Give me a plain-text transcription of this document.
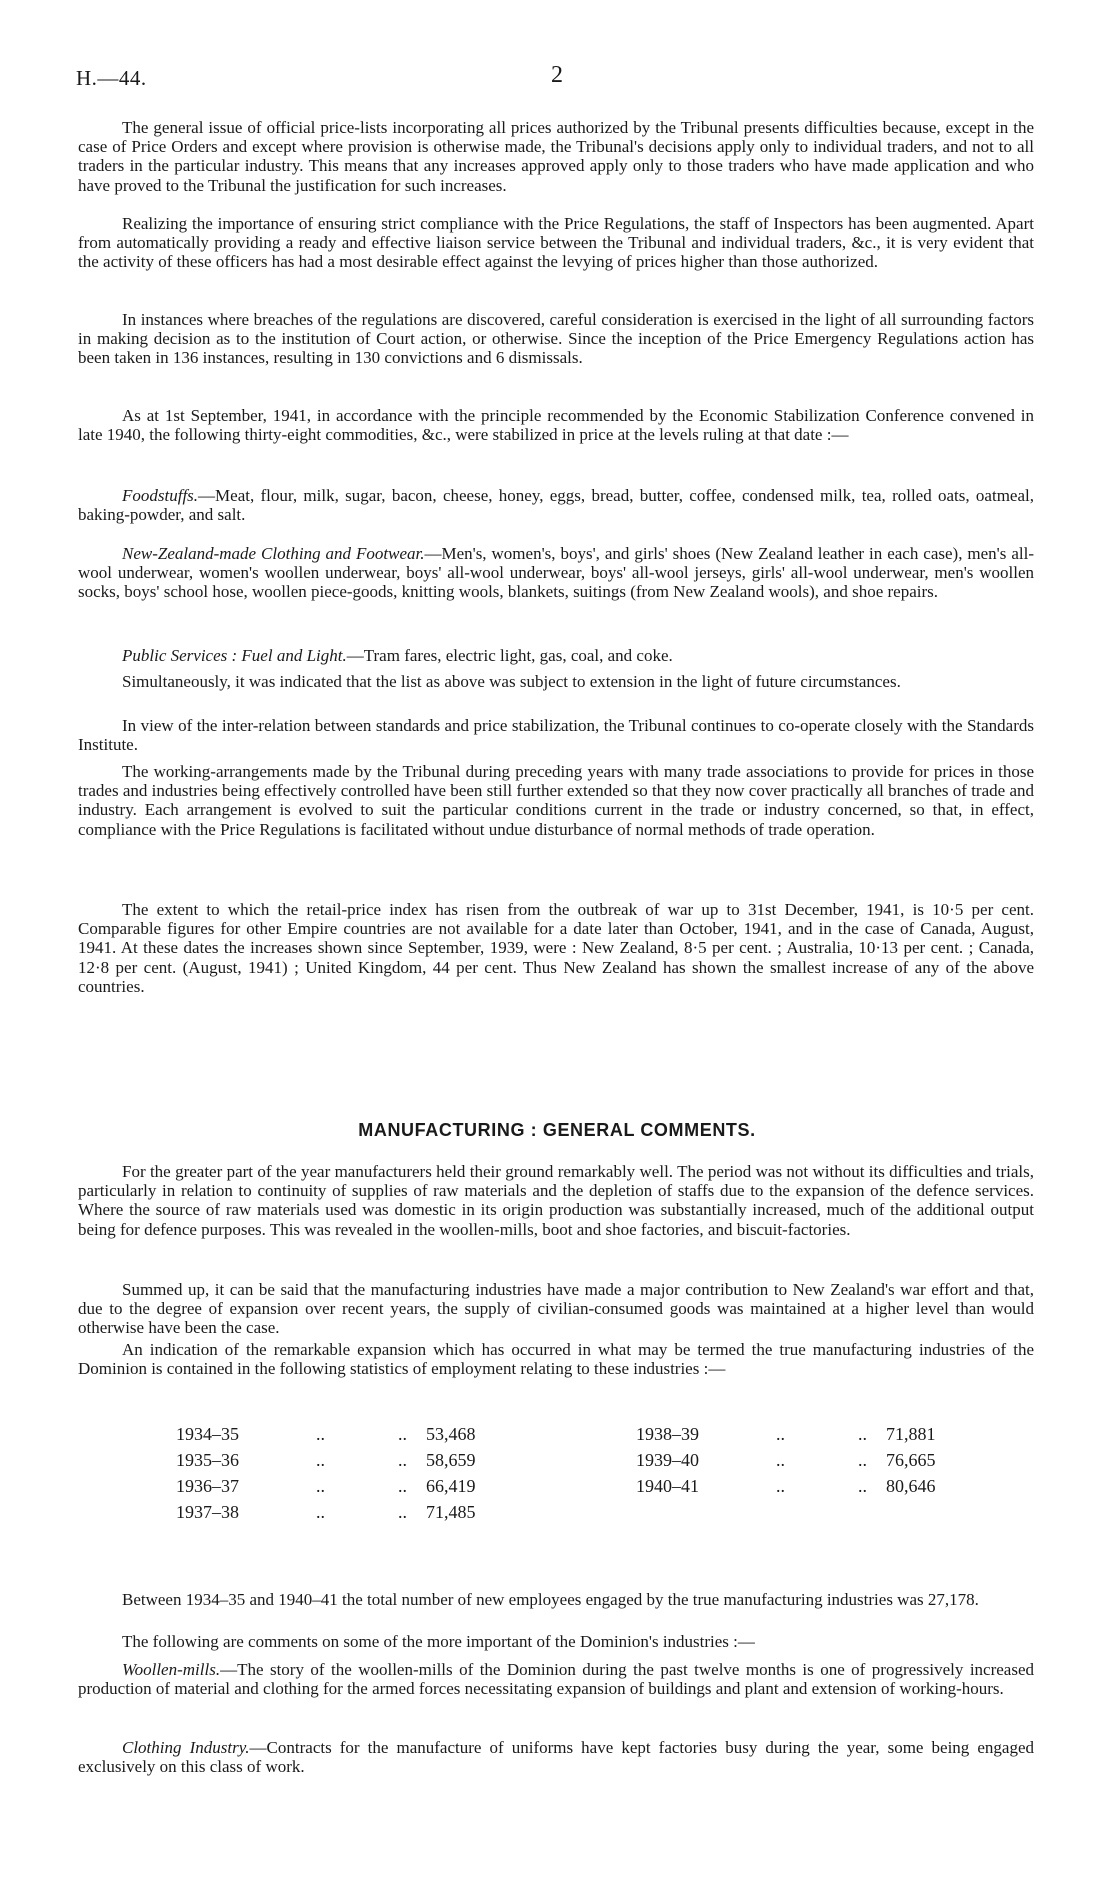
H.—44.	2

The general issue of official price-lists incorporating all prices authorized by the Tribunal presents difficulties because, except in the case of Price Orders and except where provision is otherwise made, the Tribunal's decisions apply only to individual traders, and not to all traders in the particular industry. This means that any increases approved apply only to those traders who have made application and who have proved to the Tribunal the justification for such increases.

Realizing the importance of ensuring strict compliance with the Price Regulations, the staff of Inspectors has been augmented. Apart from automatically providing a ready and effective liaison service between the Tribunal and individual traders, &c., it is very evident that the activity of these officers has had a most desirable effect against the levying of prices higher than those authorized.

In instances where breaches of the regulations are discovered, careful consideration is exercised in the light of all surrounding factors in making decision as to the institution of Court action, or otherwise. Since the inception of the Price Emergency Regulations action has been taken in 136 instances, resulting in 130 convictions and 6 dismissals.

As at 1st September, 1941, in accordance with the principle recommended by the Economic Stabilization Conference convened in late 1940, the following thirty-eight commodities, &c., were stabilized in price at the levels ruling at that date :—

Foodstuffs.—Meat, flour, milk, sugar, bacon, cheese, honey, eggs, bread, butter, coffee, condensed milk, tea, rolled oats, oatmeal, baking-powder, and salt.

New-Zealand-made Clothing and Footwear.—Men's, women's, boys', and girls' shoes (New Zealand leather in each case), men's all-wool underwear, women's woollen underwear, boys' all-wool underwear, boys' all-wool jerseys, girls' all-wool underwear, men's woollen socks, boys' school hose, woollen piece-goods, knitting wools, blankets, suitings (from New Zealand wools), and shoe repairs.

Public Services : Fuel and Light.—Tram fares, electric light, gas, coal, and coke.

Simultaneously, it was indicated that the list as above was subject to extension in the light of future circumstances.

In view of the inter-relation between standards and price stabilization, the Tribunal continues to co-operate closely with the Standards Institute.

The working-arrangements made by the Tribunal during preceding years with many trade associations to provide for prices in those trades and industries being effectively controlled have been still further extended so that they now cover practically all branches of trade and industry. Each arrangement is evolved to suit the particular conditions current in the trade or industry concerned, so that, in effect, compliance with the Price Regulations is facilitated without undue disturbance of normal methods of trade operation.

The extent to which the retail-price index has risen from the outbreak of war up to 31st December, 1941, is 10·5 per cent. Comparable figures for other Empire countries are not available for a date later than October, 1941, and in the case of Canada, August, 1941. At these dates the increases shown since September, 1939, were : New Zealand, 8·5 per cent. ; Australia, 10·13 per cent. ; Canada, 12·8 per cent. (August, 1941) ; United Kingdom, 44 per cent. Thus New Zealand has shown the smallest increase of any of the above countries.

MANUFACTURING : GENERAL COMMENTS.

For the greater part of the year manufacturers held their ground remarkably well. The period was not without its difficulties and trials, particularly in relation to continuity of supplies of raw materials and the depletion of staffs due to the expansion of the defence services. Where the source of raw materials used was domestic in its origin production was substantially increased, much of the additional output being for defence purposes. This was revealed in the woollen-mills, boot and shoe factories, and biscuit-factories.

Summed up, it can be said that the manufacturing industries have made a major contribution to New Zealand's war effort and that, due to the degree of expansion over recent years, the supply of civilian-consumed goods was maintained at a higher level than would otherwise have been the case.

An indication of the remarkable expansion which has occurred in what may be termed the true manufacturing industries of the Dominion is contained in the following statistics of employment relating to these industries :—

1934–35	..	.. 53,468
1935–36	..	.. 58,659
1936–37	..	.. 66,419
1937–38	..	.. 71,485
1938–39	..	.. 71,881
1939–40	..	.. 76,665
1940–41	..	.. 80,646

Between 1934–35 and 1940–41 the total number of new employees engaged by the true manufacturing industries was 27,178.

The following are comments on some of the more important of the Dominion's industries :—

Woollen-mills.—The story of the woollen-mills of the Dominion during the past twelve months is one of progressively increased production of material and clothing for the armed forces necessitating expansion of buildings and plant and extension of working-hours.

Clothing Industry.—Contracts for the manufacture of uniforms have kept factories busy during the year, some being engaged exclusively on this class of work.
